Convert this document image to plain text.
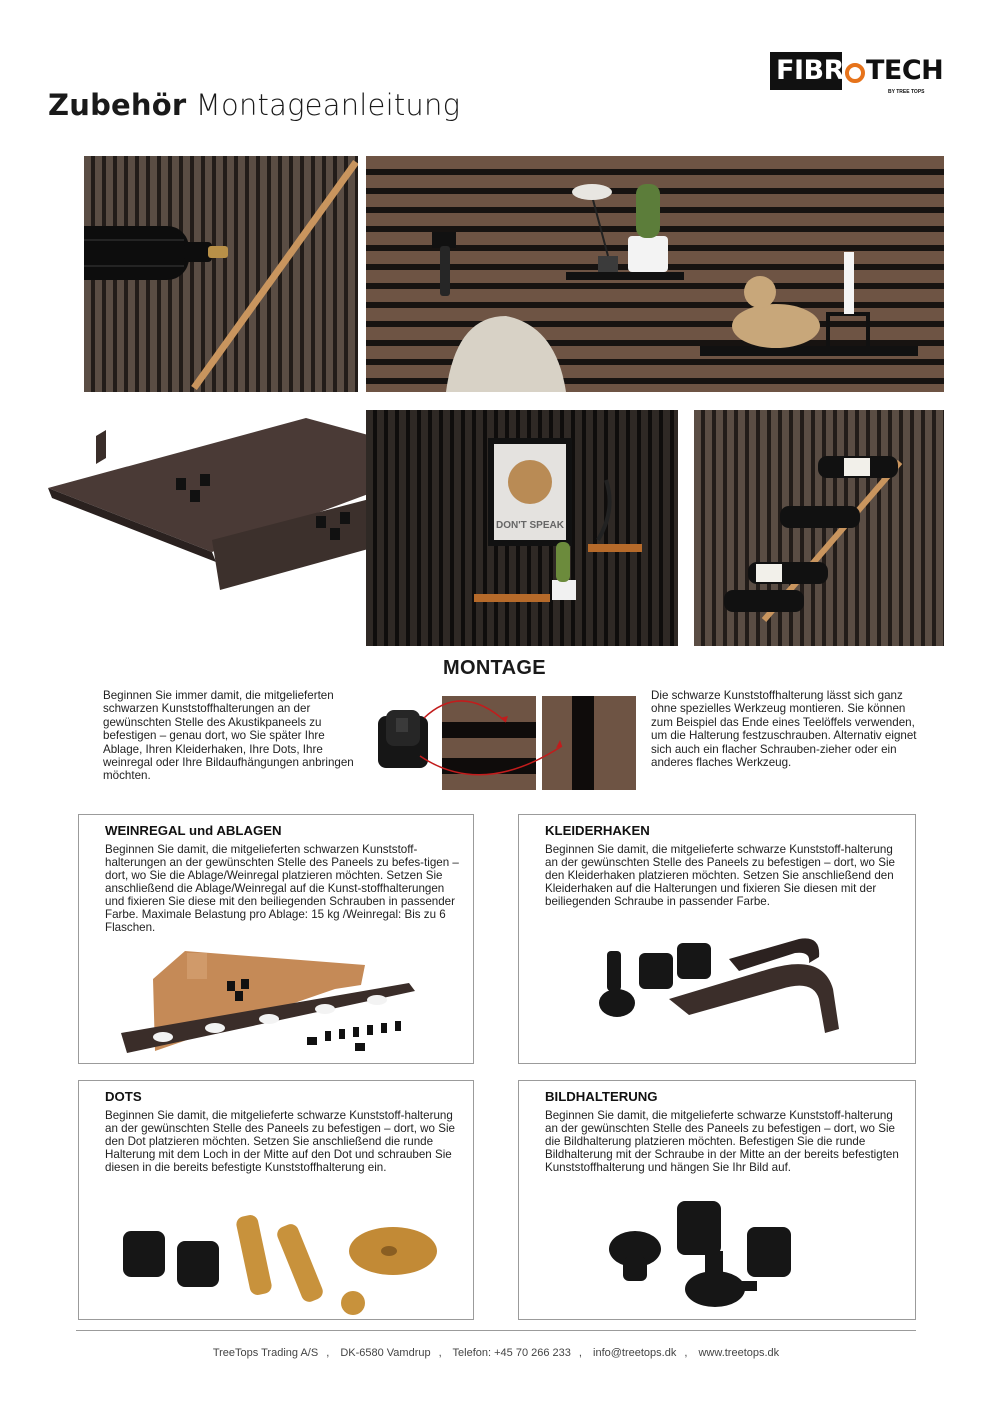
Zubehör Montageanleitung
FIBR TECH
BY TREE TOPS
DON'T SPEAK
MONTAGE
Beginnen Sie immer damit, die mitgelieferten schwarzen Kunststoffhalterungen an der gewünschten Stelle des Akustikpaneels zu befestigen – genau dort, wo Sie später Ihre Ablage, Ihren Kleiderhaken, Ihre Dots, Ihre weinregal oder Ihre Bildaufhängungen anbringen möchten.
Die schwarze Kunststoffhalterung lässt sich ganz ohne spezielles Werkzeug montieren. Sie können zum Beispiel das Ende eines Teelöffels verwenden, um die Halterung festzuschrauben. Alternativ eignet sich auch ein flacher Schrauben-zieher oder ein anderes flaches Werkzeug.
WEINREGAL und ABLAGEN
Beginnen Sie damit, die mitgelieferten schwarzen Kunststoff-halterungen an der gewünschten Stelle des Paneels zu befes-tigen – dort, wo Sie die Ablage/Weinregal platzieren möchten. Setzen Sie anschließend die Ablage/Weinregal auf die Kunst-stoffhalterungen und fixieren Sie diese mit den beiliegenden Schrauben in passender Farbe. Maximale Belastung pro Ablage: 15 kg /Weinregal: Bis zu 6 Flaschen.
KLEIDERHAKEN
Beginnen Sie damit, die mitgelieferte schwarze Kunststoff-halterung an der gewünschten Stelle des Paneels zu befestigen – dort, wo Sie den Kleiderhaken platzieren möchten. Setzen Sie anschließend den Kleiderhaken auf die Halterungen und fixieren Sie diesen mit der beiliegenden Schraube in passender Farbe.
DOTS
Beginnen Sie damit, die mitgelieferte schwarze Kunststoff-halterung an der gewünschten Stelle des Paneels zu befestigen – dort, wo Sie den Dot platzieren möchten. Setzen Sie anschließend die runde Halterung mit dem Loch in der Mitte auf den Dot und schrauben Sie diesen in die bereits befestigte Kunststoffhalterung ein.
BILDHALTERUNG
Beginnen Sie damit, die mitgelieferte schwarze Kunststoff-halterung an der gewünschten Stelle des Paneels zu befestigen – dort, wo Sie die Bildhalterung platzieren möchten. Befestigen Sie die runde Bildhalterung mit der Schraube in der Mitte an der bereits befestigten Kunststoffhalterung und hängen Sie Ihr Bild auf.
TreeTops Trading A/S , DK-6580 Vamdrup , Telefon: +45 70 266 233 , info@treetops.dk , www.treetops.dk
